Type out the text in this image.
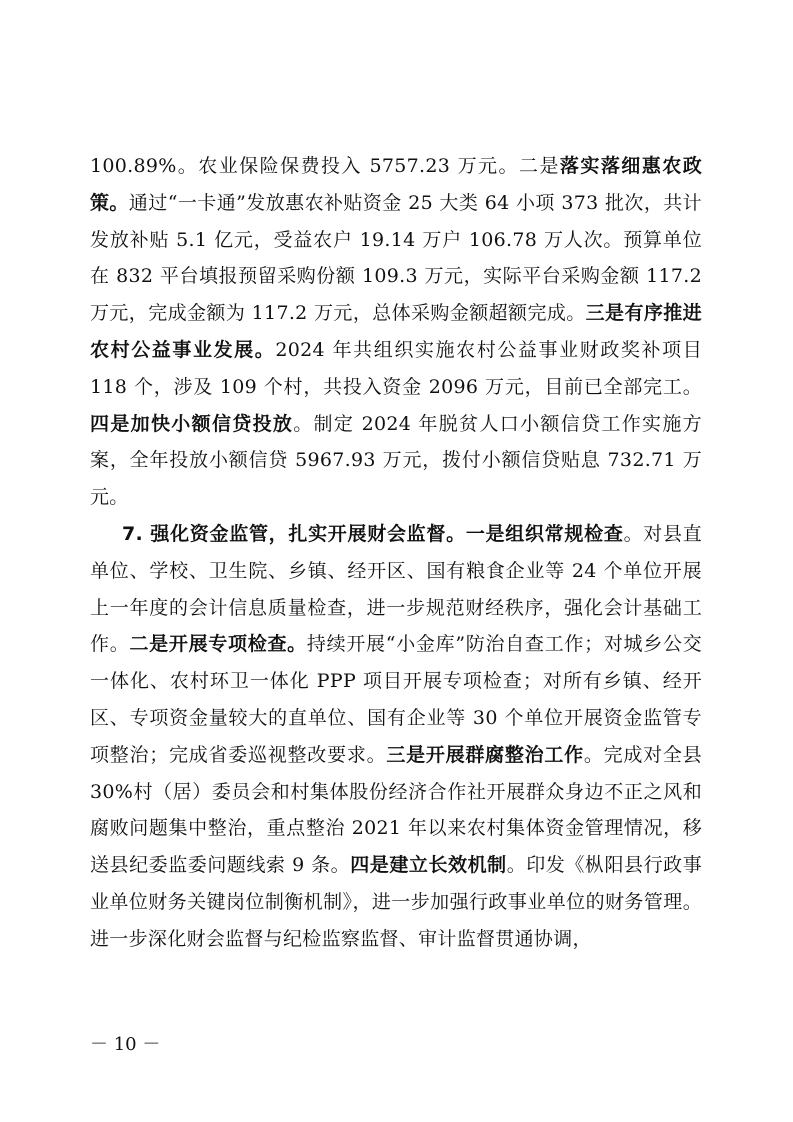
100.89%。农业保险保费投入 5757.23 万元。二是落实落细惠农政策。通过“一卡通”发放惠农补贴资金 25 大类 64 小项 373 批次，共计发放补贴 5.1 亿元，受益农户 19.14 万户 106.78 万人次。预算单位在 832 平台填报预留采购份额 109.3 万元，实际平台采购金额 117.2 万元，完成金额为 117.2 万元，总体采购金额超额完成。三是有序推进农村公益事业发展。2024 年共组织实施农村公益事业财政奖补项目 118 个，涉及 109 个村，共投入资金 2096 万元，目前已全部完工。四是加快小额信贷投放。制定 2024 年脱贫人口小额信贷工作实施方案，全年投放小额信贷 5967.93 万元，拨付小额信贷贴息 732.71 万元。

7. 强化资金监管，扎实开展财会监督。一是组织常规检查。对县直单位、学校、卫生院、乡镇、经开区、国有粮食企业等 24 个单位开展上一年度的会计信息质量检查，进一步规范财经秩序，强化会计基础工作。二是开展专项检查。持续开展“小金库”防治自查工作；对城乡公交一体化、农村环卫一体化 PPP 项目开展专项检查；对所有乡镇、经开区、专项资金量较大的直单位、国有企业等 30 个单位开展资金监管专项整治；完成省委巡视整改要求。三是开展群腐整治工作。完成对全县 30%村（居）委员会和村集体股份经济合作社开展群众身边不正之风和腐败问题集中整治，重点整治 2021 年以来农村集体资金管理情况，移送县纪委监委问题线索 9 条。四是建立长效机制。印发《枞阳县行政事业单位财务关键岗位制衡机制》，进一步加强行政事业单位的财务管理。进一步深化财会监督与纪检监察监督、审计监督贯通协调，

－ 10 －
